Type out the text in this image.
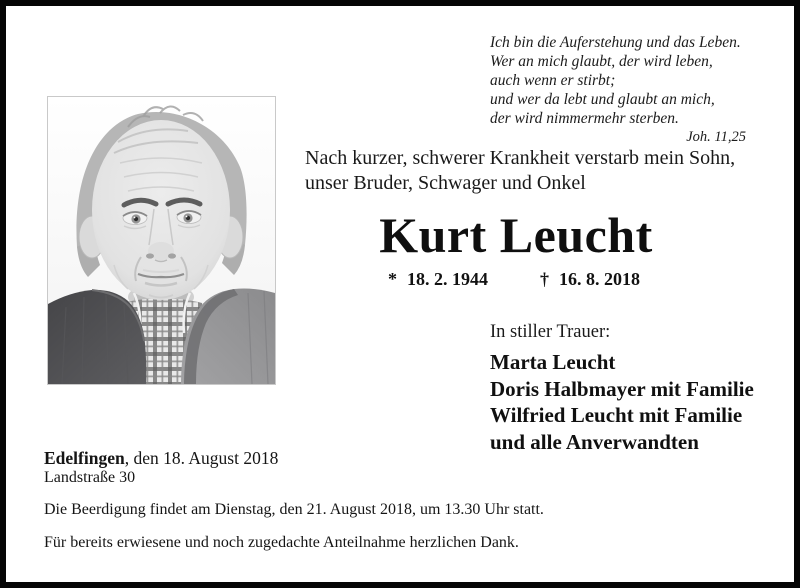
Ich bin die Auferstehung und das Leben.
Wer an mich glaubt, der wird leben,
auch wenn er stirbt;
und wer da lebt und glaubt an mich,
der wird nimmermehr sterben.
Joh. 11,25
Nach kurzer, schwerer Krankheit verstarb mein Sohn,
unser Bruder, Schwager und Onkel
Kurt Leucht
* 18. 2. 1944	† 16. 8. 2018
In stiller Trauer:
Marta Leucht
Doris Halbmayer mit Familie
Wilfried Leucht mit Familie
und alle Anverwandten
Edelfingen, den 18. August 2018
Landstraße 30
Die Beerdigung findet am Dienstag, den 21. August 2018, um 13.30 Uhr statt.
Für bereits erwiesene und noch zugedachte Anteilnahme herzlichen Dank.
